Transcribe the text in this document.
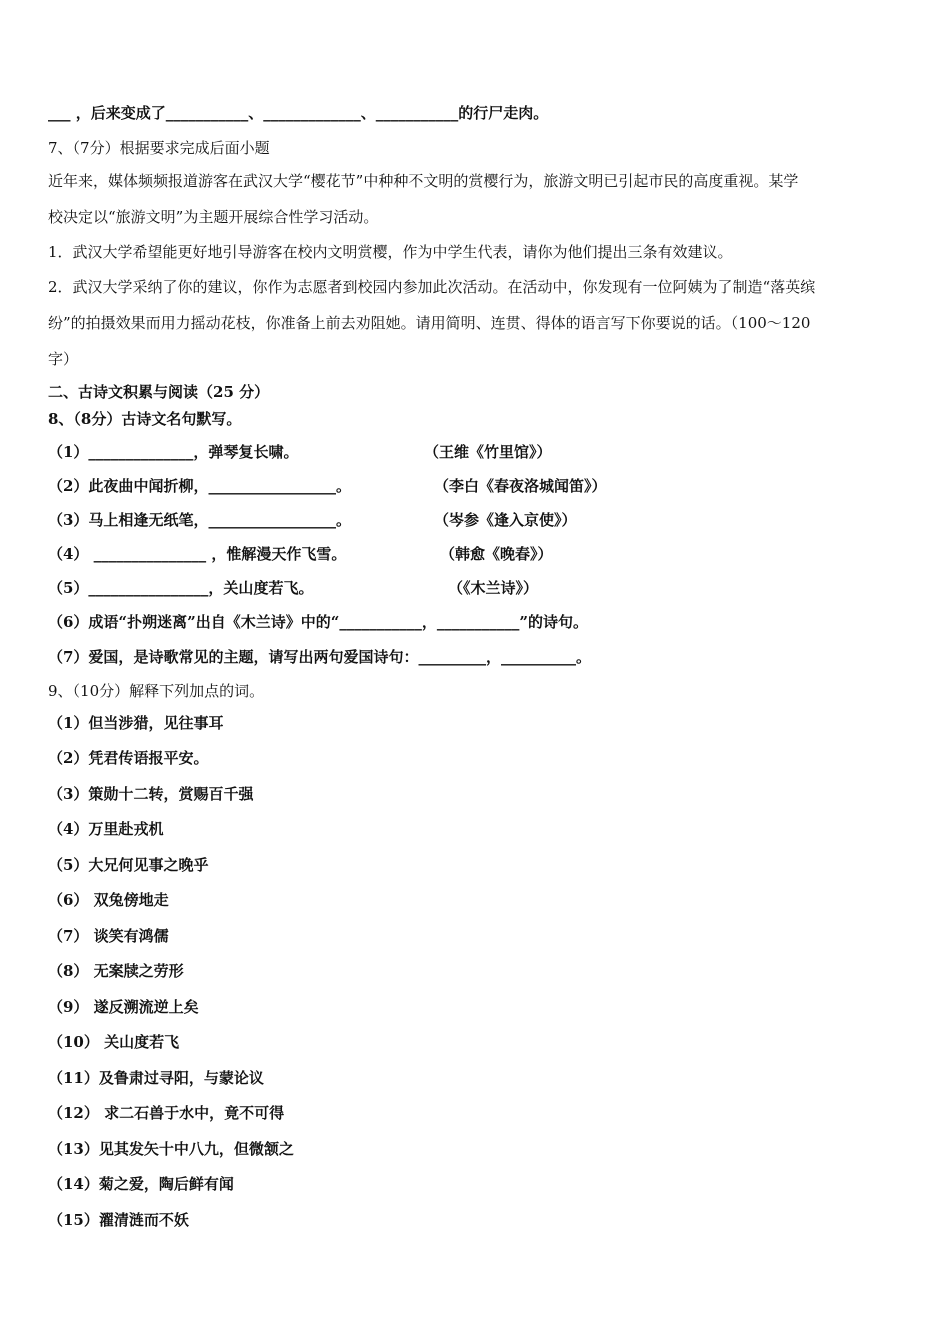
___ ，后来变成了___________、_____________、___________的行尸走肉。
7、（7分）根据要求完成后面小题
近年来，媒体频频报道游客在武汉大学“樱花节”中种种不文明的赏樱行为，旅游文明已引起市民的高度重视。某学
校决定以“旅游文明”为主题开展综合性学习活动。
1．武汉大学希望能更好地引导游客在校内文明赏樱，作为中学生代表，请你为他们提出三条有效建议。
2．武汉大学采纳了你的建议，你作为志愿者到校园内参加此次活动。在活动中，你发现有一位阿姨为了制造“落英缤
纷”的拍摄效果而用力摇动花枝，你准备上前去劝阻她。请用简明、连贯、得体的语言写下你要说的话。（100～120
字）
二、古诗文积累与阅读（25 分）
8、（8分）古诗文名句默写。
（1）______________，弹琴复长啸。	（王维《竹里馆》）
（2）此夜曲中闻折柳，_________________。	（李白《春夜洛城闻笛》）
（3）马上相逢无纸笔，_________________。	（岑参《逢入京使》）
（4） _______________ ，惟解漫天作飞雪。	（韩愈《晚春》）
（5）________________，关山度若飞。	（《木兰诗》）
（6）成语“扑朔迷离”出自《木兰诗》中的“___________，___________”的诗句。
（7）爱国，是诗歌常见的主题，请写出两句爱国诗句：_________，__________。
9、（10分）解释下列加点的词。
（1）但当涉猎，见往事耳
（2）凭君传语报平安。
（3）策勋十二转，赏赐百千强
（4）万里赴戎机
（5）大兄何见事之晚乎
（6） 双兔傍地走
（7） 谈笑有鸿儒
（8） 无案牍之劳形
（9） 遂反溯流逆上矣
（10） 关山度若飞
（11）及鲁肃过寻阳，与蒙论议
（12） 求二石兽于水中，竟不可得
（13）见其发矢十中八九，但微颔之
（14）菊之爱，陶后鲜有闻
（15）濯清涟而不妖
